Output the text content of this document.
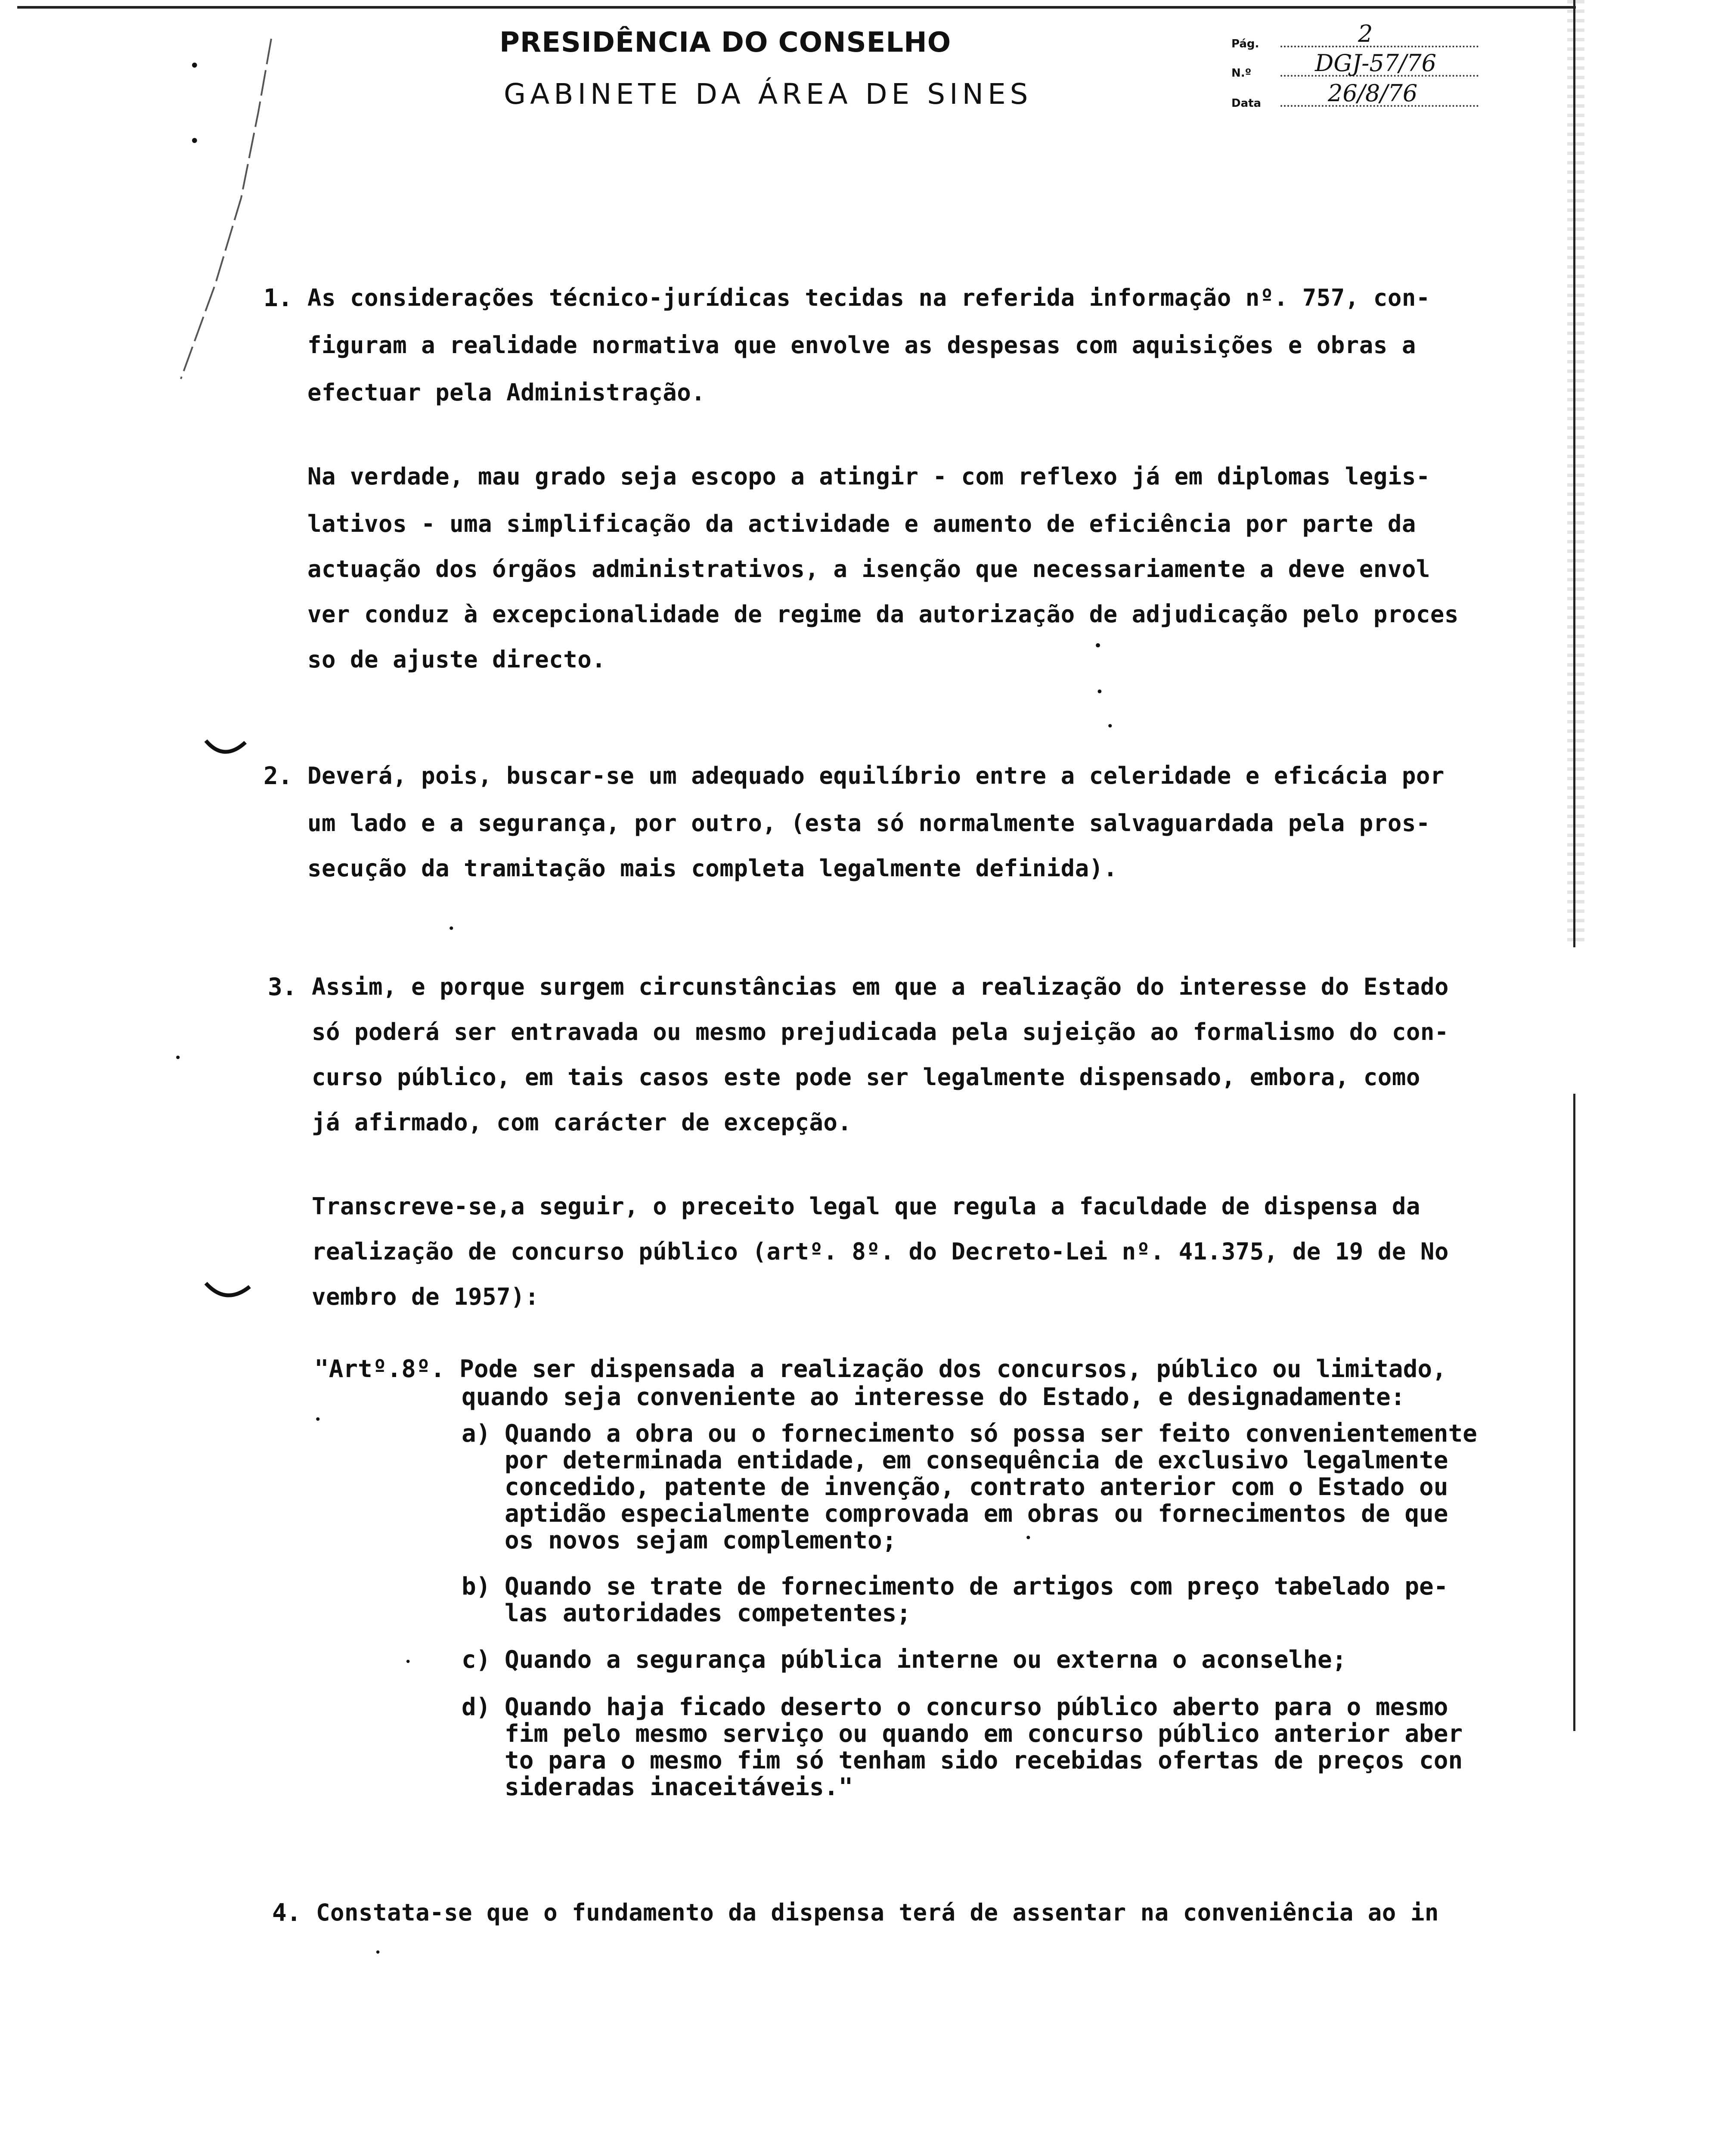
•
•
PRESIDÊNCIA DO CONSELHO
GABINETE DA ÁREA DE SINES
Pág.	2
N.º	DGJ-57/76
Data	26/8/76
1. As considerações técnico-jurídicas tecidas na referida informação nº. 757, con-
figuram a realidade normativa que envolve as despesas com aquisições e obras a
efectuar pela Administração.
Na verdade, mau grado seja escopo a atingir - com reflexo já em diplomas legis-
lativos - uma simplificação da actividade e aumento de eficiência por parte da
actuação dos órgãos administrativos, a isenção que necessariamente a deve envol
ver conduz à excepcionalidade de regime da autorização de adjudicação pelo proces
so de ajuste directo.
2. Deverá, pois, buscar-se um adequado equilíbrio entre a celeridade e eficácia por
um lado e a segurança, por outro, (esta só normalmente salvaguardada pela pros-
secução da tramitação mais completa legalmente definida).
3. Assim, e porque surgem circunstâncias em que a realização do interesse do Estado
só poderá ser entravada ou mesmo prejudicada pela sujeição ao formalismo do con-
curso público, em tais casos este pode ser legalmente dispensado, embora, como
já afirmado, com carácter de excepção.
Transcreve-se,a seguir, o preceito legal que regula a faculdade de dispensa da
realização de concurso público (artº. 8º. do Decreto-Lei nº. 41.375, de 19 de No
vembro de 1957):
"Artº.8º. Pode ser dispensada a realização dos concursos, público ou limitado,
quando seja conveniente ao interesse do Estado, e designadamente:
a) Quando a obra ou o fornecimento só possa ser feito convenientemente
por determinada entidade, em consequência de exclusivo legalmente
concedido, patente de invenção, contrato anterior com o Estado ou
aptidão especialmente comprovada em obras ou fornecimentos de que
os novos sejam complemento;
b) Quando se trate de fornecimento de artigos com preço tabelado pe-
las autoridades competentes;
c) Quando a segurança pública interne ou externa o aconselhe;
d) Quando haja ficado deserto o concurso público aberto para o mesmo
fim pelo mesmo serviço ou quando em concurso público anterior aber
to para o mesmo fim só tenham sido recebidas ofertas de preços con
sideradas inaceitáveis."
4. Constata-se que o fundamento da dispensa terá de assentar na conveniência ao in
•
•
•
•
•
•
•
•
•
